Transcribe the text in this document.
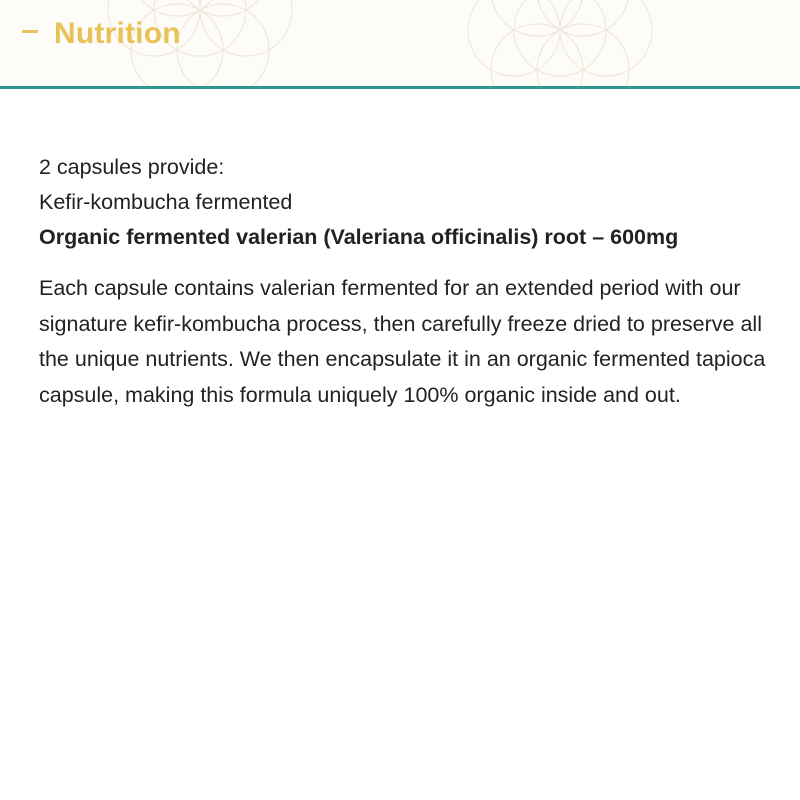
Nutrition

2 capsules provide:

Kefir-kombucha fermented

Organic fermented valerian (Valeriana officinalis) root – 600mg

Each capsule contains valerian fermented for an extended period with our signature kefir-kombucha process, then carefully freeze dried to preserve all the unique nutrients. We then encapsulate it in an organic fermented tapioca capsule, making this formula uniquely 100% organic inside and out.
